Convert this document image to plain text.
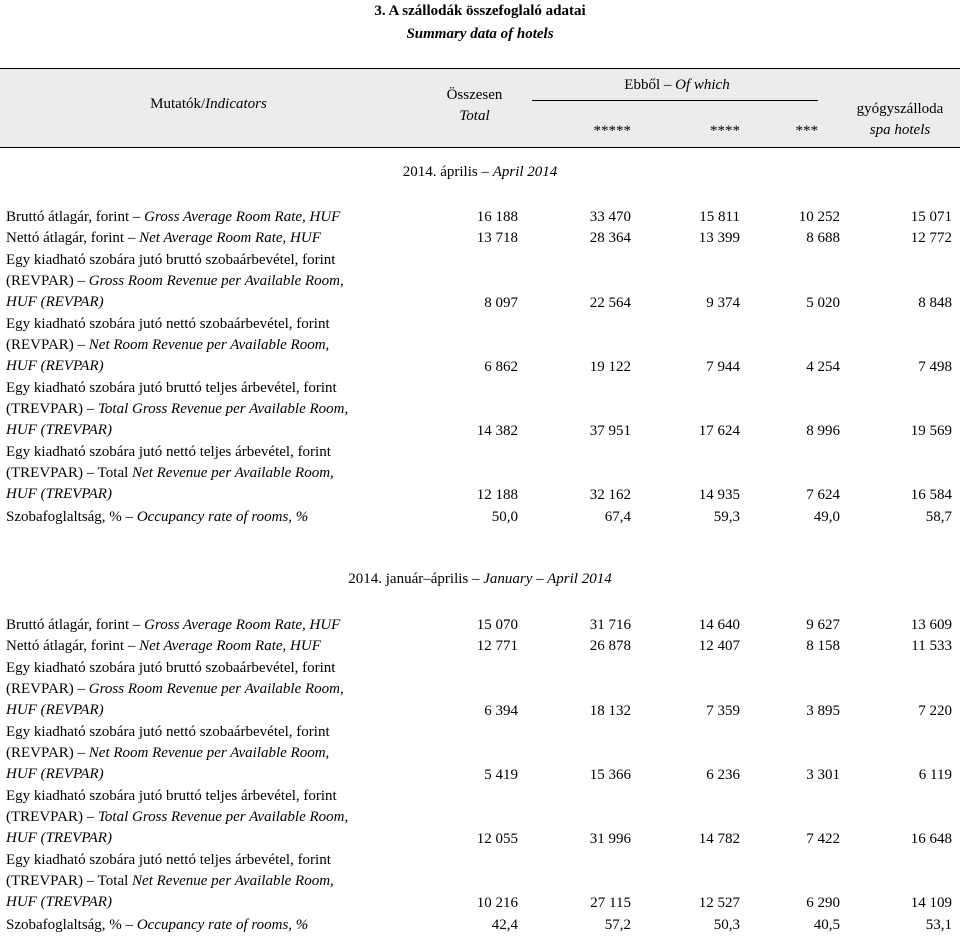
3. A szállodák összefoglaló adatai
Summary data of hotels
Mutatók/Indicators
Összesen
Total
Ebből – Of which
*****	****	***
gyógyszálloda
spa hotels
2014. április – April 2014
Bruttó átlagár, forint – Gross Average Room Rate, HUF	16 188	33 470	15 811	10 252	15 071
Nettó átlagár, forint – Net Average Room Rate, HUF	13 718	28 364	13 399	8 688	12 772
Egy kiadható szobára jutó bruttó szobaárbevétel, forint
(REVPAR) – Gross Room Revenue per Available Room,
HUF (REVPAR)	8 097	22 564	9 374	5 020	8 848
Egy kiadható szobára jutó nettó szobaárbevétel, forint
(REVPAR) – Net Room Revenue per Available Room,
HUF (REVPAR)	6 862	19 122	7 944	4 254	7 498
Egy kiadható szobára jutó bruttó teljes árbevétel, forint
(TREVPAR) – Total Gross Revenue per Available Room,
HUF (TREVPAR)	14 382	37 951	17 624	8 996	19 569
Egy kiadható szobára jutó nettó teljes árbevétel, forint
(TREVPAR) – Total Net Revenue per Available Room,
HUF (TREVPAR)	12 188	32 162	14 935	7 624	16 584
Szobafoglaltság, % – Occupancy rate of rooms, %	50,0	67,4	59,3	49,0	58,7
2014. január–április – January – April 2014
Bruttó átlagár, forint – Gross Average Room Rate, HUF	15 070	31 716	14 640	9 627	13 609
Nettó átlagár, forint – Net Average Room Rate, HUF	12 771	26 878	12 407	8 158	11 533
Egy kiadható szobára jutó bruttó szobaárbevétel, forint
(REVPAR) – Gross Room Revenue per Available Room,
HUF (REVPAR)	6 394	18 132	7 359	3 895	7 220
Egy kiadható szobára jutó nettó szobaárbevétel, forint
(REVPAR) – Net Room Revenue per Available Room,
HUF (REVPAR)	5 419	15 366	6 236	3 301	6 119
Egy kiadható szobára jutó bruttó teljes árbevétel, forint
(TREVPAR) – Total Gross Revenue per Available Room,
HUF (TREVPAR)	12 055	31 996	14 782	7 422	16 648
Egy kiadható szobára jutó nettó teljes árbevétel, forint
(TREVPAR) – Total Net Revenue per Available Room,
HUF (TREVPAR)	10 216	27 115	12 527	6 290	14 109
Szobafoglaltság, % – Occupancy rate of rooms, %	42,4	57,2	50,3	40,5	53,1
